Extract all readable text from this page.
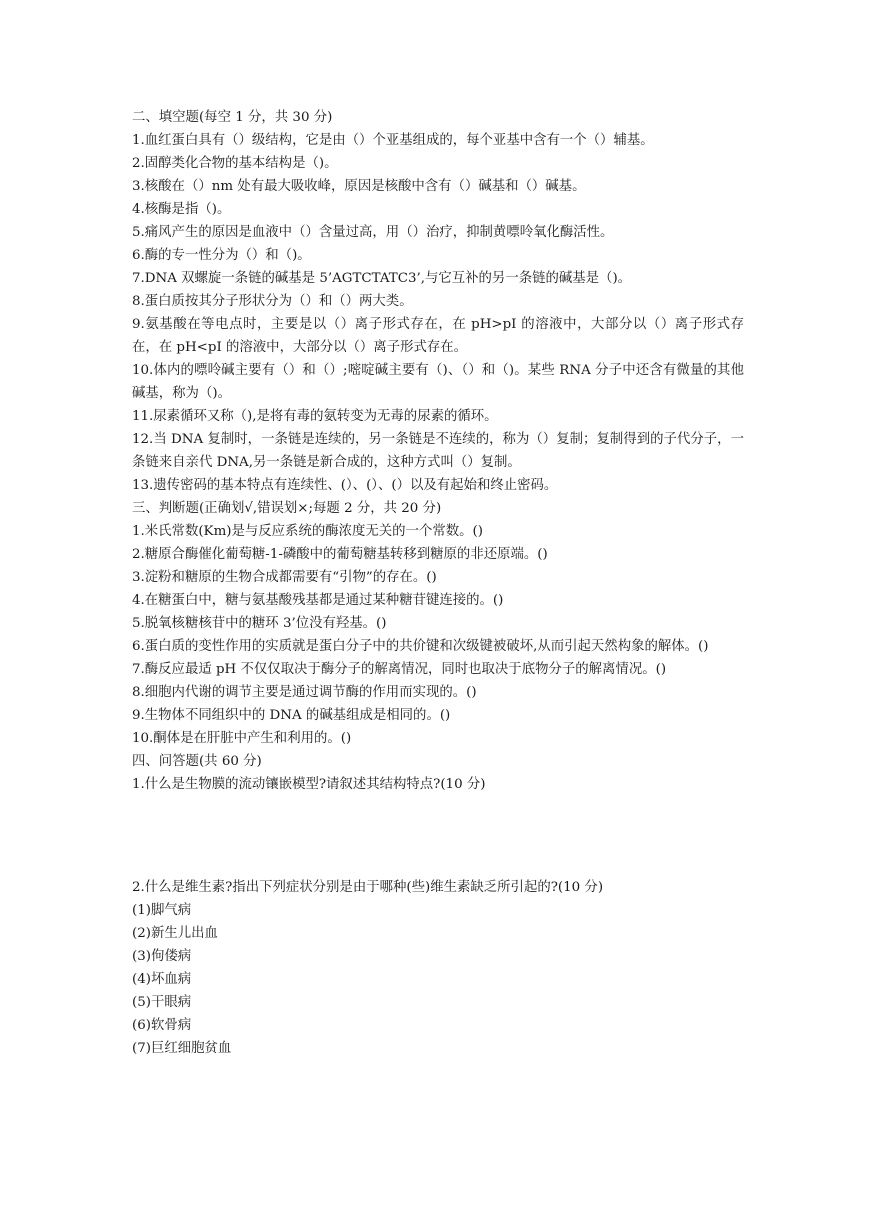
二、填空题(每空 1 分，共 30 分)
1.血红蛋白具有（）级结构，它是由（）个亚基组成的，每个亚基中含有一个（）辅基。
2.固醇类化合物的基本结构是（)。
3.核酸在（）nm 处有最大吸收峰，原因是核酸中含有（）碱基和（）碱基。
4.核酶是指（)。
5.痛风产生的原因是血液中（）含量过高，用（）治疗，抑制黄嘌呤氧化酶活性。
6.酶的专一性分为（）和（)。
7.DNA 双螺旋一条链的碱基是 5’AGTCTATC3’,与它互补的另一条链的碱基是（)。
8.蛋白质按其分子形状分为（）和（）两大类。
9.氨基酸在等电点时，主要是以（）离子形式存在，在 pH>pI 的溶液中，大部分以（）离子形式存在，在 pH<pI 的溶液中，大部分以（）离子形式存在。
10.体内的嘌呤碱主要有（）和（）;嘧啶碱主要有（)、（）和（)。某些 RNA 分子中还含有微量的其他碱基，称为（)。
11.尿素循环又称（),是将有毒的氨转变为无毒的尿素的循环。
12.当 DNA 复制时，一条链是连续的，另一条链是不连续的，称为（）复制；复制得到的子代分子，一条链来自亲代 DNA,另一条链是新合成的，这种方式叫（）复制。
13.遗传密码的基本特点有连续性、(）、(）、(）以及有起始和终止密码。
三、判断题(正确划√,错误划×;每题 2 分，共 20 分)
1.米氏常数(Km)是与反应系统的酶浓度无关的一个常数。()
2.糖原合酶催化葡萄糖-1-磷酸中的葡萄糖基转移到糖原的非还原端。()
3.淀粉和糖原的生物合成都需要有“引物”的存在。()
4.在糖蛋白中，糖与氨基酸残基都是通过某种糖苷键连接的。()
5.脱氧核糖核苷中的糖环 3’位没有羟基。()
6.蛋白质的变性作用的实质就是蛋白分子中的共价键和次级键被破坏,从而引起天然构象的解体。()
7.酶反应最适 pH 不仅仅取决于酶分子的解离情况，同时也取决于底物分子的解离情况。()
8.细胞内代谢的调节主要是通过调节酶的作用而实现的。()
9.生物体不同组织中的 DNA 的碱基组成是相同的。()
10.酮体是在肝脏中产生和利用的。()
四、问答题(共 60 分)
1.什么是生物膜的流动镶嵌模型?请叙述其结构特点?(10 分)
2.什么是维生素?指出下列症状分别是由于哪种(些)维生素缺乏所引起的?(10 分)
(1)脚气病
(2)新生儿出血
(3)佝偻病
(4)坏血病
(5)干眼病
(6)软骨病
(7)巨红细胞贫血
